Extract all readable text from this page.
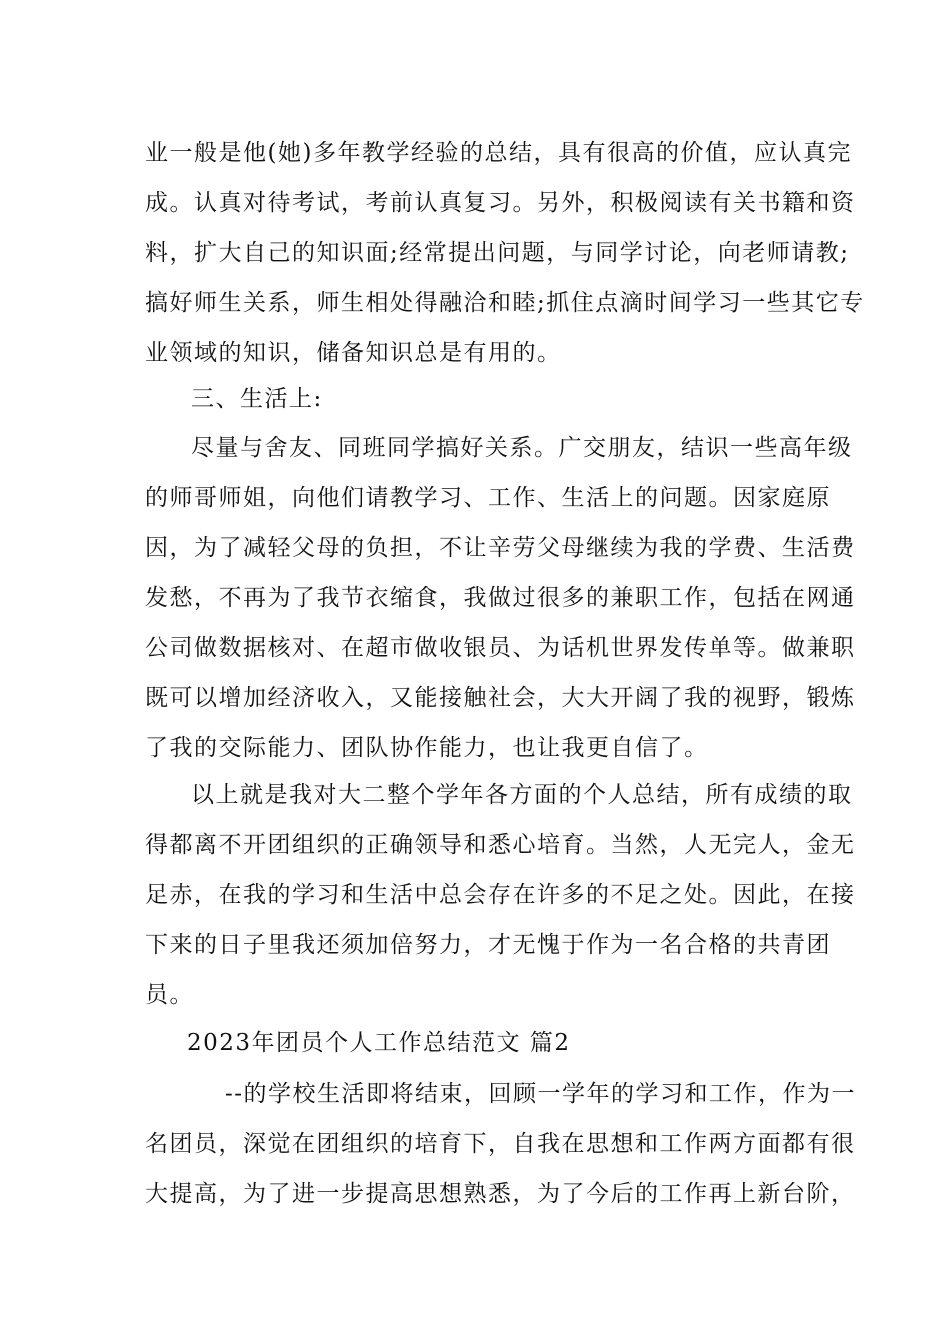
业一般是他(她)多年教学经验的总结，具有很高的价值，应认真完
成。认真对待考试，考前认真复习。另外，积极阅读有关书籍和资
料，扩大自己的知识面;经常提出问题，与同学讨论，向老师请教;
搞好师生关系，师生相处得融洽和睦;抓住点滴时间学习一些其它专
业领域的知识，储备知识总是有用的。
三、生活上:
尽量与舍友、同班同学搞好关系。广交朋友，结识一些高年级
的师哥师姐，向他们请教学习、工作、生活上的问题。因家庭原
因，为了减轻父母的负担，不让辛劳父母继续为我的学费、生活费
发愁，不再为了我节衣缩食，我做过很多的兼职工作，包括在网通
公司做数据核对、在超市做收银员、为话机世界发传单等。做兼职
既可以增加经济收入，又能接触社会，大大开阔了我的视野，锻炼
了我的交际能力、团队协作能力，也让我更自信了。
以上就是我对大二整个学年各方面的个人总结，所有成绩的取
得都离不开团组织的正确领导和悉心培育。当然，人无完人，金无
足赤，在我的学习和生活中总会存在许多的不足之处。因此，在接
下来的日子里我还须加倍努力，才无愧于作为一名合格的共青团
员。
2023年团员个人工作总结范文 篇2
--的学校生活即将结束，回顾一学年的学习和工作，作为一
名团员，深觉在团组织的培育下，自我在思想和工作两方面都有很
大提高，为了进一步提高思想熟悉，为了今后的工作再上新台阶，
